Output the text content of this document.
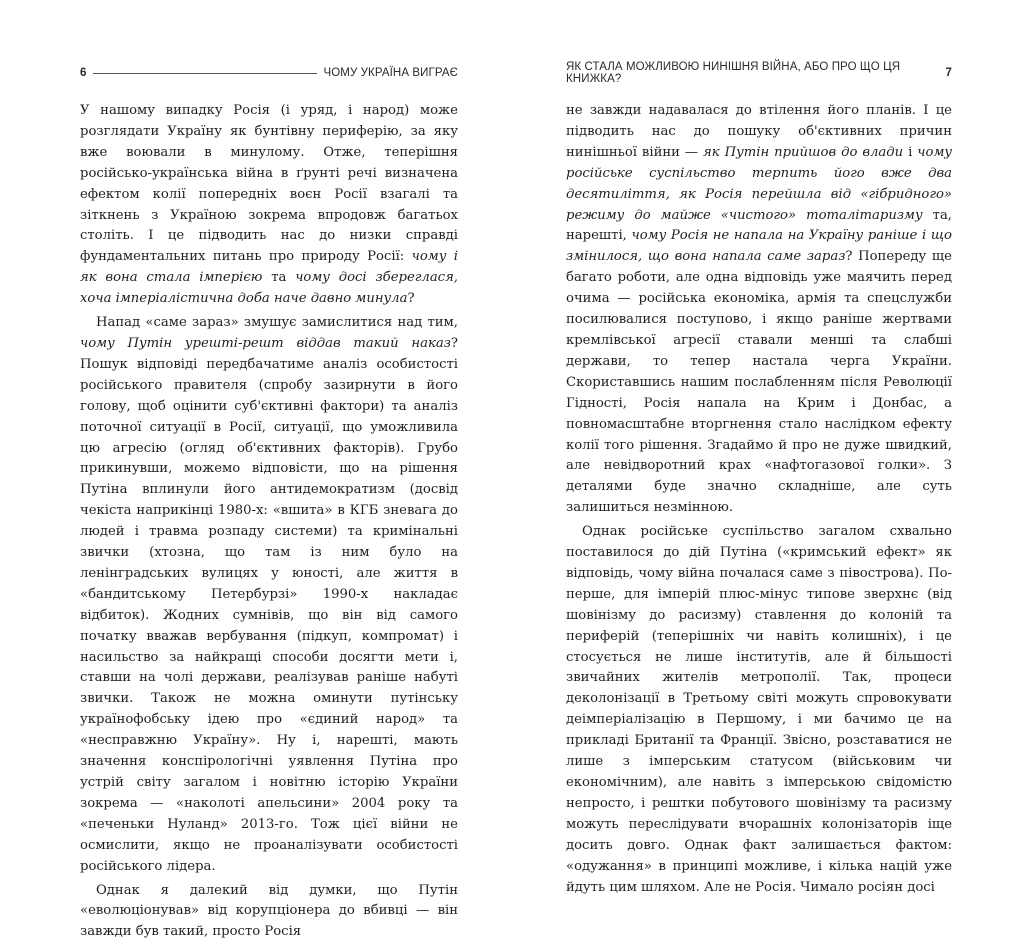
6	ЧОМУ УКРАЇНА ВИГРАЄ

У нашому випадку Росія (і уряд, і народ) може розглядати Україну як бунтівну периферію, за яку вже воювали в минулому. Отже, теперішня російсько-українська війна в ґрунті речі визначена ефектом колії попередніх воєн Росії взагалі та зіткнень з Україною зокрема впродовж багатьох століть. І це підводить нас до низки справді фундаментальних питань про природу Росії: чому і як вона стала імперією та чому досі збереглася, хоча імперіалістична доба наче давно минула?

Напад «саме зараз» змушує замислитися над тим, чому Путін урешті-решт віддав такий наказ? Пошук відповіді передбачатиме аналіз особистості російського правителя (спробу зазирнути в його голову, щоб оцінити суб'єктивні фактори) та аналіз поточної ситуації в Росії, ситуації, що уможливила цю агресію (огляд об'єктивних факторів). Грубо прикинувши, можемо відповісти, що на рішення Путіна вплинули його антидемократизм (досвід чекіста наприкінці 1980-х: «вшита» в КГБ зневага до людей і травма розпаду системи) та кримінальні звички (хтозна, що там із ним було на ленінградських вулицях у юності, але життя в «бандитському Петербурзі» 1990-х накладає відбиток). Жодних сумнівів, що він від самого початку вважав вербування (підкуп, компромат) і насильство за найкращі способи досягти мети і, ставши на чолі держави, реалізував раніше набуті звички. Також не можна оминути путінську українофобську ідею про «єдиний народ» та «несправжню Україну». Ну і, нарешті, мають значення конспірологічні уявлення Путіна про устрій світу загалом і новітню історію України зокрема — «наколоті апельсини» 2004 року та «печеньки Нуланд» 2013-го. Тож цієї війни не осмислити, якщо не проаналізувати особистості російського лідера.

Однак я далекий від думки, що Путін «еволюціонував» від корупціонера до вбивці — він завжди був такий, просто Росія

ЯК СТАЛА МОЖЛИВОЮ НИНІШНЯ ВІЙНА, АБО ПРО ЩО ЦЯ КНИЖКА?	7

не завжди надавалася до втілення його планів. І це підводить нас до пошуку об'єктивних причин нинішньої війни — як Путін прийшов до влади і чому російське суспільство терпить його вже два десятиліття, як Росія перейшла від «гібридного» режиму до майже «чистого» тоталітаризму та, нарешті, чому Росія не напала на Україну раніше і що змінилося, що вона напала саме зараз? Попереду ще багато роботи, але одна відповідь уже маячить перед очима — російська економіка, армія та спецслужби посилювалися поступово, і якщо раніше жертвами кремлівської агресії ставали менші та слабші держави, то тепер настала черга України. Скориставшись нашим послабленням після Революції Гідності, Росія напала на Крим і Донбас, а повномасштабне вторгнення стало наслідком ефекту колії того рішення. Згадаймо й про не дуже швидкий, але невідворотний крах «нафтогазової голки». З деталями буде значно складніше, але суть залишиться незмінною.

Однак російське суспільство загалом схвально поставилося до дій Путіна («кримський ефект» як відповідь, чому війна почалася саме з півострова). По-перше, для імперій плюс-мінус типове зверхнє (від шовінізму до расизму) ставлення до колоній та периферій (теперішніх чи навіть колишніх), і це стосується не лише інститутів, але й більшості звичайних жителів метрополії. Так, процеси деколонізації в Третьому світі можуть спровокувати деімперіалізацію в Першому, і ми бачимо це на прикладі Британії та Франції. Звісно, розставатися не лише з імперським статусом (військовим чи економічним), але навіть з імперською свідомістю непросто, і рештки побутового шовінізму та расизму можуть переслідувати вчорашніх колонізаторів іще досить довго. Однак факт залишається фактом: «одужання» в принципі можливе, і кілька націй уже йдуть цим шляхом. Але не Росія. Чимало росіян досі
